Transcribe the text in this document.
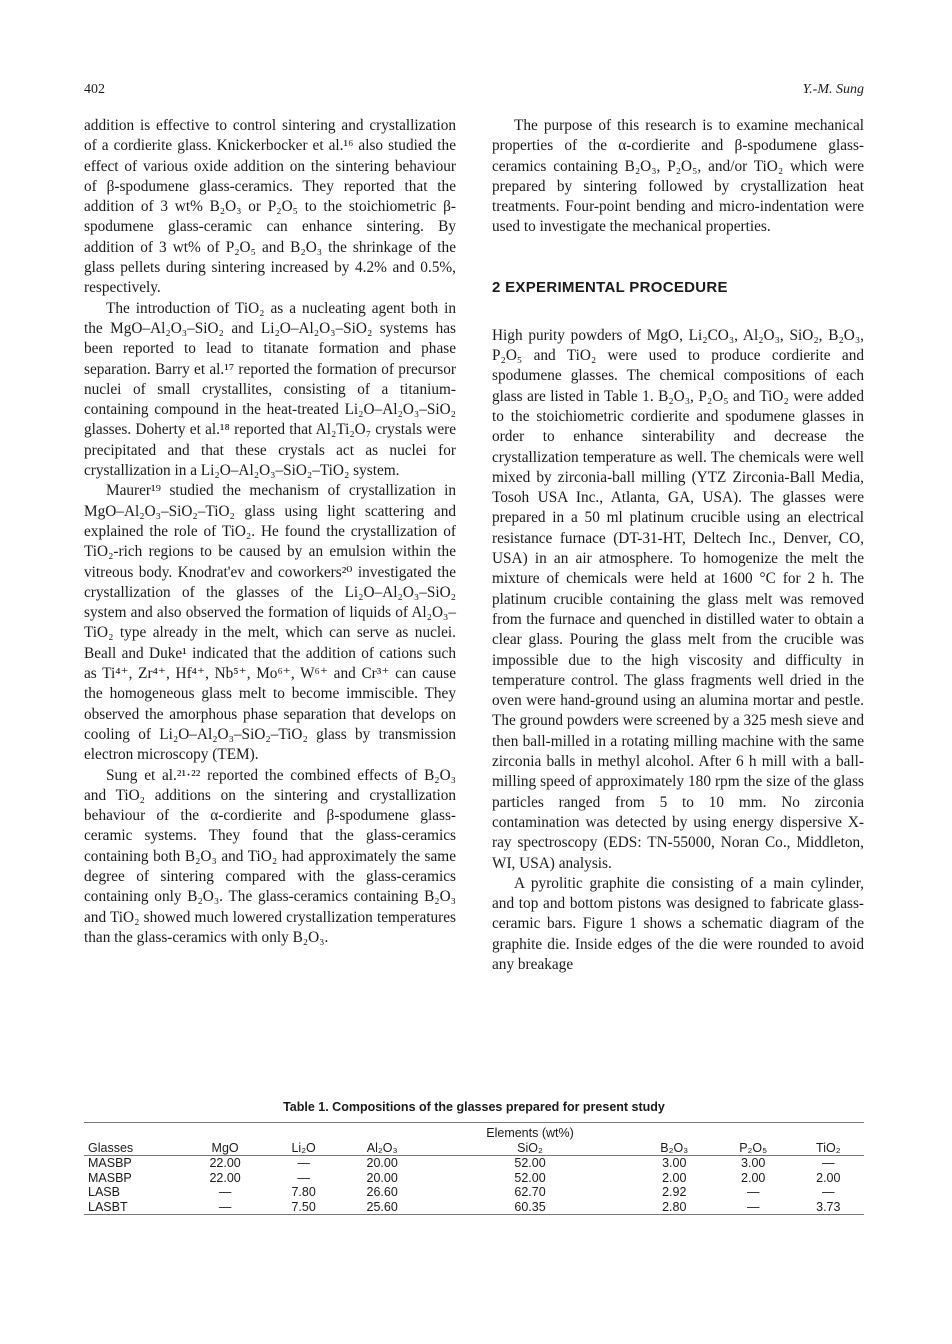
402	Y.-M. Sung

addition is effective to control sintering and crystallization of a cordierite glass. Knickerbocker et al.¹⁶ also studied the effect of various oxide addition on the sintering behaviour of β-spodumene glass-ceramics. They reported that the addition of 3 wt% B₂O₃ or P₂O₅ to the stoichiometric β-spodumene glass-ceramic can enhance sintering. By addition of 3 wt% of P₂O₅ and B₂O₃ the shrinkage of the glass pellets during sintering increased by 4.2% and 0.5%, respectively.

The introduction of TiO₂ as a nucleating agent both in the MgO–Al₂O₃–SiO₂ and Li₂O–Al₂O₃–SiO₂ systems has been reported to lead to titanate formation and phase separation. Barry et al.¹⁷ reported the formation of precursor nuclei of small crystallites, consisting of a titanium-containing compound in the heat-treated Li₂O–Al₂O₃–SiO₂ glasses. Doherty et al.¹⁸ reported that Al₂Ti₂O₇ crystals were precipitated and that these crystals act as nuclei for crystallization in a Li₂O–Al₂O₃–SiO₂–TiO₂ system.

Maurer¹⁹ studied the mechanism of crystallization in MgO–Al₂O₃–SiO₂–TiO₂ glass using light scattering and explained the role of TiO₂. He found the crystallization of TiO₂-rich regions to be caused by an emulsion within the vitreous body. Knodrat'ev and coworkers²⁰ investigated the crystallization of the glasses of the Li₂O–Al₂O₃–SiO₂ system and also observed the formation of liquids of Al₂O₃–TiO₂ type already in the melt, which can serve as nuclei. Beall and Duke¹ indicated that the addition of cations such as Ti⁴⁺, Zr⁴⁺, Hf⁴⁺, Nb⁵⁺, Mo⁶⁺, W⁶⁺ and Cr³⁺ can cause the homogeneous glass melt to become immiscible. They observed the amorphous phase separation that develops on cooling of Li₂O–Al₂O₃–SiO₂–TiO₂ glass by transmission electron microscopy (TEM).

Sung et al.²¹·²² reported the combined effects of B₂O₃ and TiO₂ additions on the sintering and crystallization behaviour of the α-cordierite and β-spodumene glass-ceramic systems. They found that the glass-ceramics containing both B₂O₃ and TiO₂ had approximately the same degree of sintering compared with the glass-ceramics containing only B₂O₃. The glass-ceramics containing B₂O₃ and TiO₂ showed much lowered crystallization temperatures than the glass-ceramics with only B₂O₃.

The purpose of this research is to examine mechanical properties of the α-cordierite and β-spodumene glass-ceramics containing B₂O₃, P₂O₅, and/or TiO₂ which were prepared by sintering followed by crystallization heat treatments. Four-point bending and micro-indentation were used to investigate the mechanical properties.

2 EXPERIMENTAL PROCEDURE

High purity powders of MgO, Li₂CO₃, Al₂O₃, SiO₂, B₂O₃, P₂O₅ and TiO₂ were used to produce cordierite and spodumene glasses. The chemical compositions of each glass are listed in Table 1. B₂O₃, P₂O₅ and TiO₂ were added to the stoichiometric cordierite and spodumene glasses in order to enhance sinterability and decrease the crystallization temperature as well. The chemicals were well mixed by zirconia-ball milling (YTZ Zirconia-Ball Media, Tosoh USA Inc., Atlanta, GA, USA). The glasses were prepared in a 50 ml platinum crucible using an electrical resistance furnace (DT-31-HT, Deltech Inc., Denver, CO, USA) in an air atmosphere. To homogenize the melt the mixture of chemicals were held at 1600 °C for 2 h. The platinum crucible containing the glass melt was removed from the furnace and quenched in distilled water to obtain a clear glass. Pouring the glass melt from the crucible was impossible due to the high viscosity and difficulty in temperature control. The glass fragments well dried in the oven were hand-ground using an alumina mortar and pestle. The ground powders were screened by a 325 mesh sieve and then ball-milled in a rotating milling machine with the same zirconia balls in methyl alcohol. After 6 h mill with a ball-milling speed of approximately 180 rpm the size of the glass particles ranged from 5 to 10 mm. No zirconia contamination was detected by using energy dispersive X-ray spectroscopy (EDS: TN-55000, Noran Co., Middleton, WI, USA) analysis.

A pyrolitic graphite die consisting of a main cylinder, and top and bottom pistons was designed to fabricate glass-ceramic bars. Figure 1 shows a schematic diagram of the graphite die. Inside edges of the die were rounded to avoid any breakage

Table 1. Compositions of the glasses prepared for present study
				Elements (wt%)			
Glasses	MgO	Li₂O	Al₂O₃	SiO₂	B₂O₃	P₂O₅	TiO₂
MASBP	22.00	—	20.00	52.00	3.00	3.00	—
MASBP	22.00	—	20.00	52.00	2.00	2.00	2.00
LASB	—	7.80	26.60	62.70	2.92	—	—
LASBT	—	7.50	25.60	60.35	2.80	—	3.73
